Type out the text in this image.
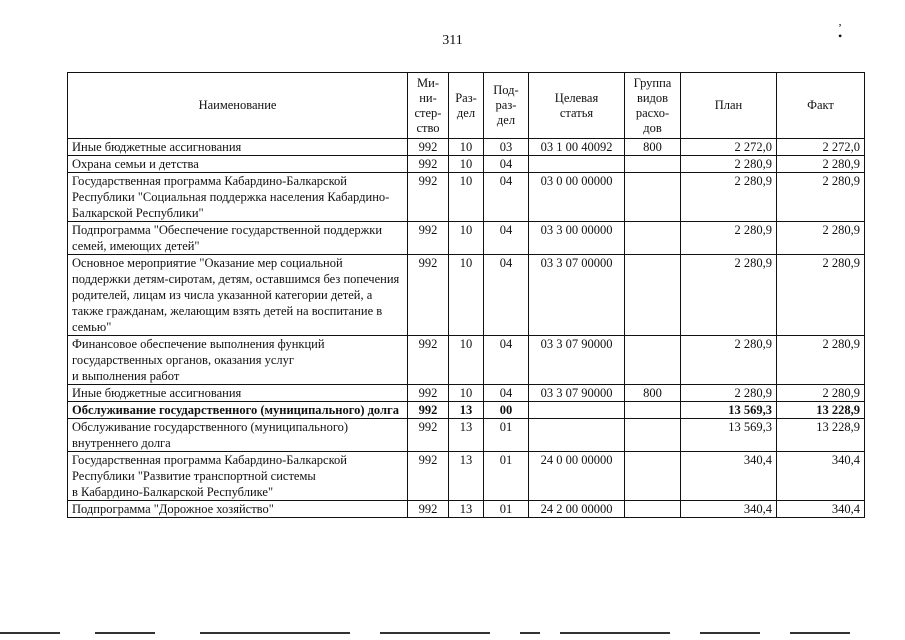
311
‚ •
Наименование	Ми-
ни-
стер-
ство	Раз-
дел	Под-
раз-
дел	Целевая
статья	Группа
видов
расхо-
дов	План	Факт
Иные бюджетные ассигнования	992	10	03	03 1 00 40092	800	2 272,0	2 272,0
Охрана семьи и детства	992	10	04			2 280,9	2 280,9
Государственная программа Кабардино-Балкарской Республики "Социальная поддержка населения Кабардино-Балкарской Республики"	992	10	04	03 0 00 00000		2 280,9	2 280,9
Подпрограмма "Обеспечение государственной поддержки семей, имеющих детей"	992	10	04	03 3 00 00000		2 280,9	2 280,9
Основное мероприятие "Оказание мер социальной поддержки детям-сиротам, детям, оставшимся без попечения родителей, лицам из числа указанной категории детей, а также гражданам, желающим взять детей на воспитание в семью"	992	10	04	03 3 07 00000		2 280,9	2 280,9
Финансовое обеспечение выполнения функций государственных органов, оказания услуг
и выполнения работ	992	10	04	03 3 07 90000		2 280,9	2 280,9
Иные бюджетные ассигнования	992	10	04	03 3 07 90000	800	2 280,9	2 280,9
Обслуживание государственного (муниципального) долга	992	13	00			13 569,3	13 228,9
Обслуживание государственного (муниципального) внутреннего долга	992	13	01			13 569,3	13 228,9
Государственная программа Кабардино-Балкарской Республики "Развитие транспортной системы
в Кабардино-Балкарской Республике"	992	13	01	24 0 00 00000		340,4	340,4
Подпрограмма "Дорожное хозяйство"	992	13	01	24 2 00 00000		340,4	340,4
